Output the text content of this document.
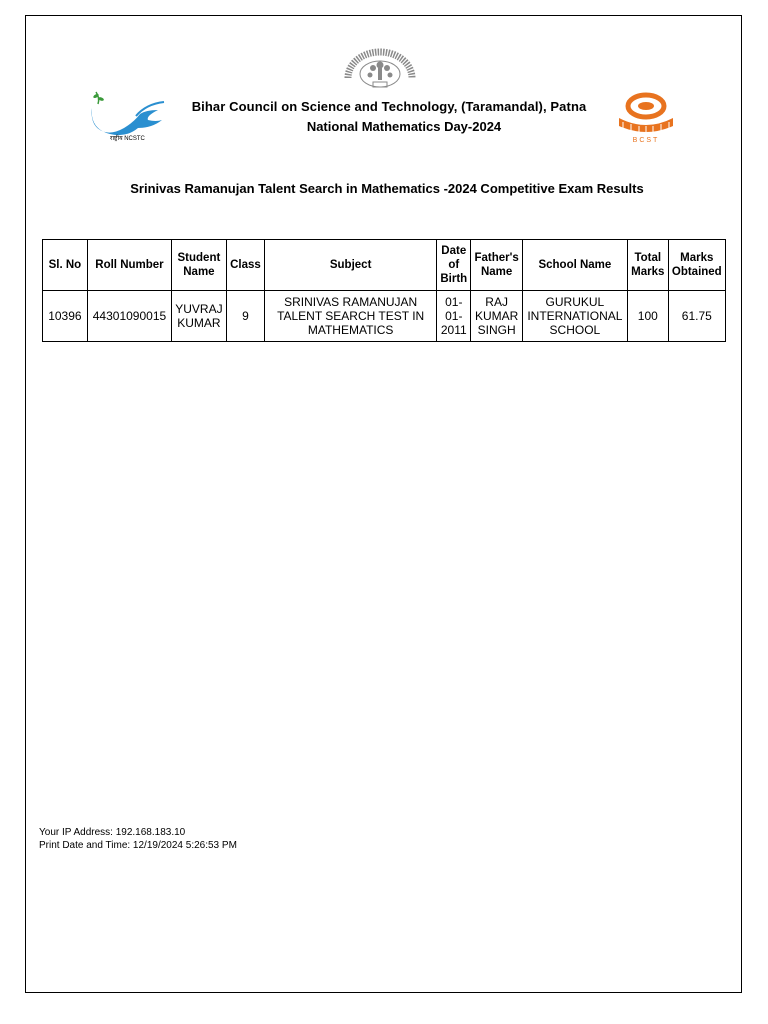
राष्ट्रीय NCSTC	BCST
Bihar Council on Science and Technology, (Taramandal), Patna
National Mathematics Day-2024
Srinivas Ramanujan Talent Search in Mathematics -2024 Competitive Exam Results
Sl. No	Roll Number	Student Name	Class	Subject	Date of Birth	Father's Name	School Name	Total Marks	Marks Obtained
10396	44301090015	YUVRAJ KUMAR	9	SRINIVAS RAMANUJAN TALENT SEARCH TEST IN MATHEMATICS	01-01-2011	RAJ KUMAR SINGH	GURUKUL INTERNATIONAL SCHOOL	100	61.75
Your IP Address: 192.168.183.10
Print Date and Time: 12/19/2024 5:26:53 PM
